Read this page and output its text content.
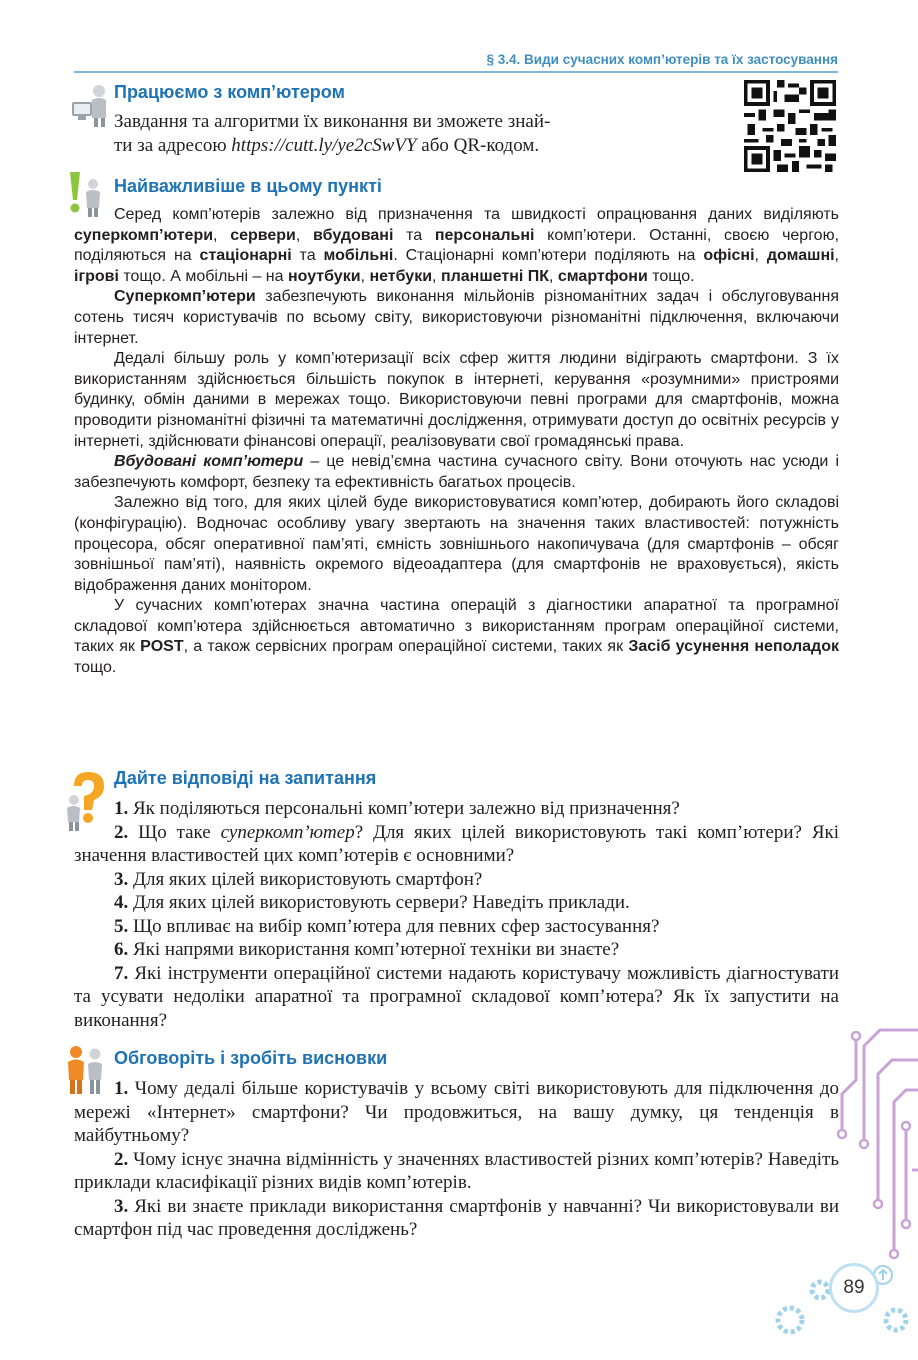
§ 3.4. Види сучасних комп’ютерів та їх застосування
Працюємо з комп’ютером
Завдання та алгоритми їх виконання ви зможете знай-
ти за адресою https://cutt.ly/ye2cSwVY або QR-кодом.
Найважливіше в цьому пункті

Серед комп’ютерів залежно від призначення та швидкості опрацювання даних виділяють суперкомп’ютери, сервери, вбудовані та персональні комп’ютери. Останні, своєю чергою, поділяються на стаціонарні та мобільні. Стаціонарні комп’ютери поділяють на офісні, домашні, ігрові тощо. А мобільні – на ноутбуки, нетбуки, планшетні ПК, смартфони тощо.

Суперкомп’ютери забезпечують виконання мільйонів різноманітних задач і обслуговування сотень тисяч користувачів по всьому світу, використовуючи різноманітні підключення, включаючи інтернет.

Дедалі більшу роль у комп’ютеризації всіх сфер життя людини відіграють смартфони. З їх використанням здійснюється більшість покупок в інтернеті, керування «розумними» пристроями будинку, обмін даними в мережах тощо. Використовуючи певні програми для смартфонів, можна проводити різноманітні фізичні та математичні дослідження, отримувати доступ до освітніх ресурсів у інтернеті, здійснювати фінансові операції, реалізовувати свої громадянські права.

Вбудовані комп’ютери – це невід’ємна частина сучасного світу. Вони оточують нас усюди і забезпечують комфорт, безпеку та ефективність багатьох процесів.

Залежно від того, для яких цілей буде використовуватися комп’ютер, добирають його складові (конфігурацію). Водночас особливу увагу звертають на значення таких властивостей: потужність процесора, обсяг оперативної пам’яті, ємність зовнішнього накопичувача (для смартфонів – обсяг зовнішньої пам’яті), наявність окремого відеоадаптера (для смартфонів не враховується), якість відображення даних монітором.

У сучасних комп’ютерах значна частина операцій з діагностики апаратної та програмної складової комп’ютера здійснюється автоматично з використанням програм операційної системи, таких як POST, а також сервісних програм операційної системи, таких як Засіб усунення неполадок тощо.

Дайте відповіді на запитання

1. Як поділяються персональні комп’ютери залежно від призначення?

2. Що таке суперкомп’ютер? Для яких цілей використовують такі комп’ютери? Які значення властивостей цих комп’ютерів є основними?

3. Для яких цілей використовують смартфон?

4. Для яких цілей використовують сервери? Наведіть приклади.

5. Що впливає на вибір комп’ютера для певних сфер застосування?

6. Які напрями використання комп’ютерної техніки ви знаєте?

7. Які інструменти операційної системи надають користувачу можливість діагностувати та усувати недоліки апаратної та програмної складової комп’ютера? Як їх запустити на виконання?

Обговоріть і зробіть висновки

1. Чому дедалі більше користувачів у всьому світі використовують для підключення до мережі «Інтернет» смартфони? Чи продовжиться, на вашу думку, ця тенденція в майбутньому?

2. Чому існує значна відмінність у значеннях властивостей різних комп’ютерів? Наведіть приклади класифікації різних видів комп’ютерів.

3. Які ви знаєте приклади використання смартфонів у навчанні? Чи використовували ви смартфон під час проведення досліджень?

89
